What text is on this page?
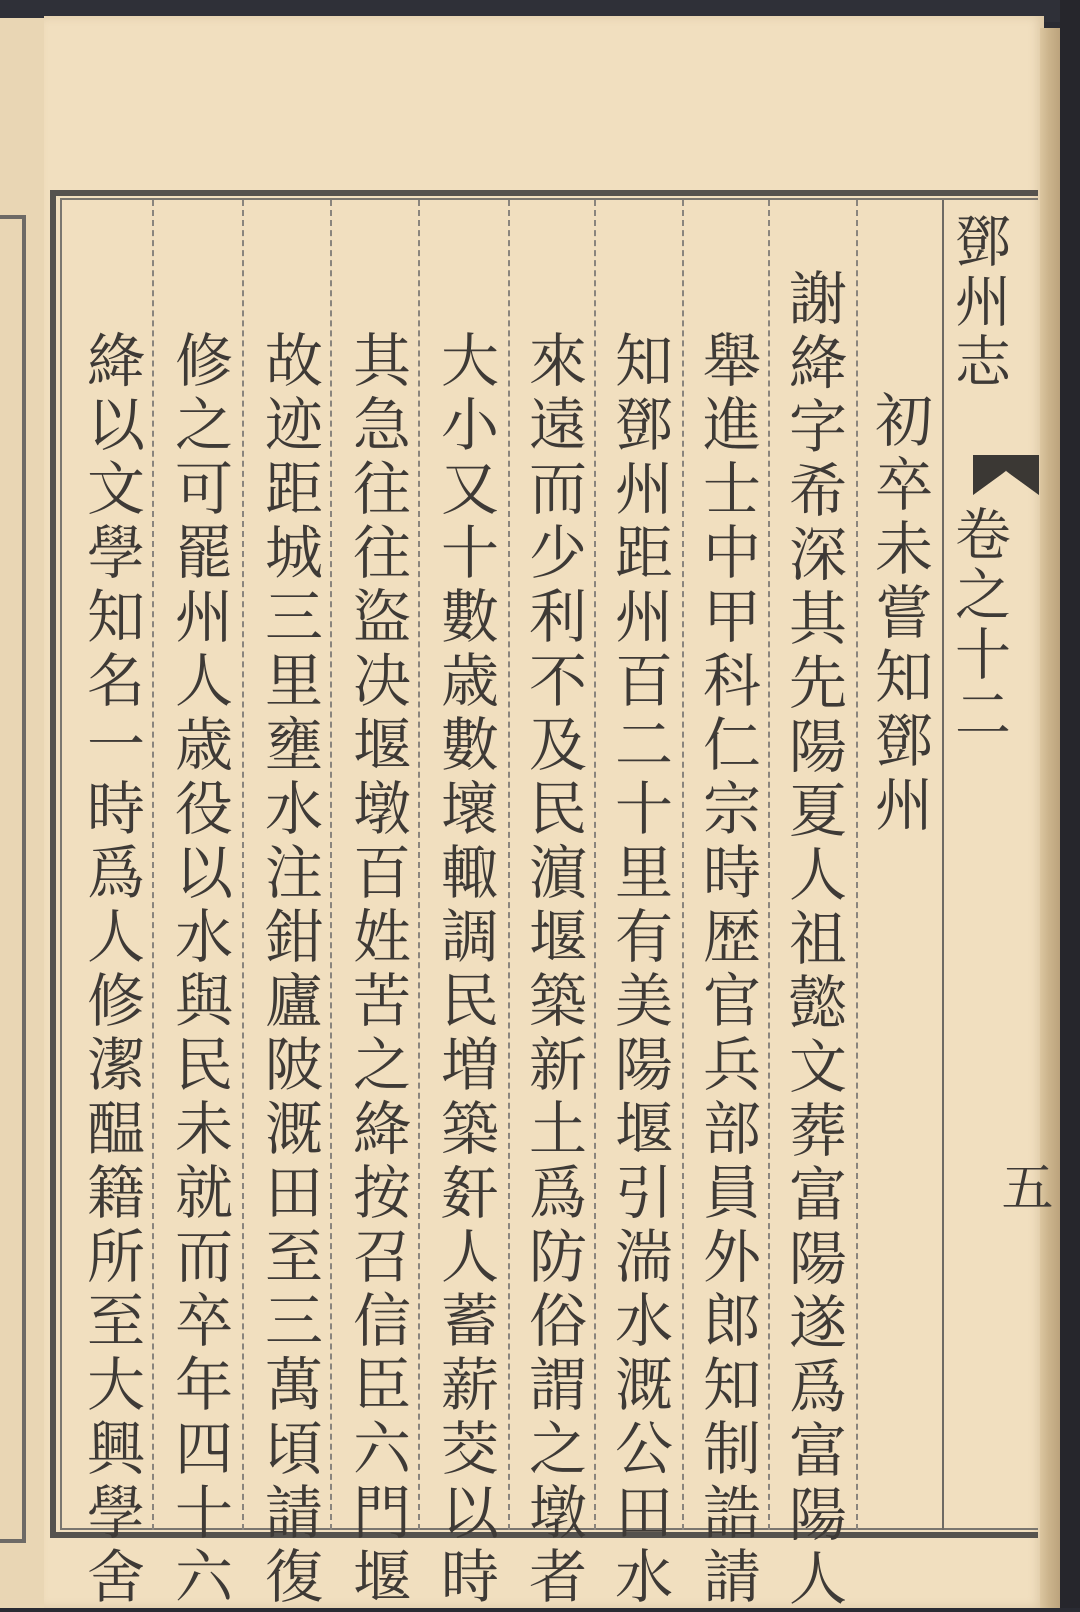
鄧州志
卷之十二
五
初卒未嘗知鄧州
謝絳字希深其先陽夏人祖懿文葬富陽遂爲富陽人
舉進士中甲科仁宗時歴官兵部員外郎知制誥請
知鄧州距州百二十里有美陽堰引湍水溉公田水
來遠而少利不及民濵堰築新土爲防俗謂之墩者
大小又十數歳數壞輙調民増築姧人蓄薪茭以時
其急往往盜决堰墩百姓苦之絳按召信臣六門堰
故迹距城三里壅水注鉗廬陂溉田至三萬頃請復
修之可罷州人歳役以水與民未就而卒年四十六
絳以文學知名一時爲人修潔醖籍所至大興學舍
